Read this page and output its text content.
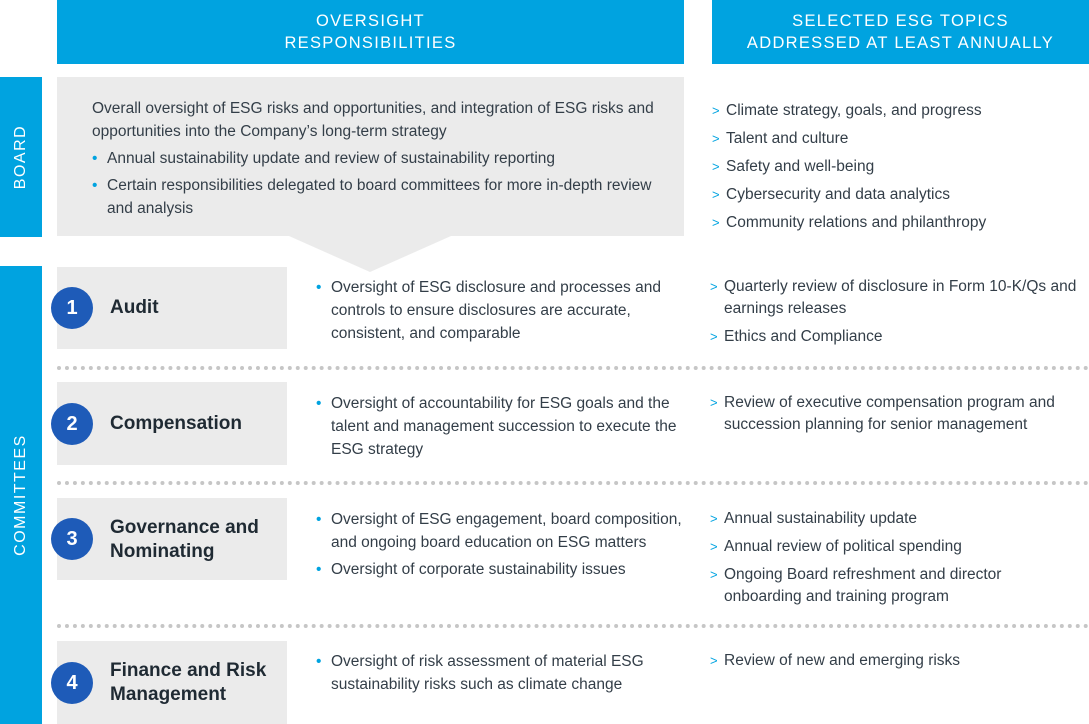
OVERSIGHT
RESPONSIBILITIES
SELECTED ESG TOPICS
ADDRESSED AT LEAST ANNUALLY
BOARD
COMMITTEES
Overall oversight of ESG risks and opportunities, and integration of ESG risks and opportunities into the Company’s long-term strategy
• Annual sustainability update and review of sustainability reporting
• Certain responsibilities delegated to board committees for more in-depth review and analysis
> Climate strategy, goals, and progress
> Talent and culture
> Safety and well-being
> Cybersecurity and data analytics
> Community relations and philanthropy
1	Audit
• Oversight of ESG disclosure and processes and controls to ensure disclosures are accurate, consistent, and comparable
> Quarterly review of disclosure in Form 10-K/Qs and earnings releases
> Ethics and Compliance
2	Compensation
• Oversight of accountability for ESG goals and the talent and management succession to execute the ESG strategy
> Review of executive compensation program and succession planning for senior management
3	Governance and Nominating
• Oversight of ESG engagement, board composition, and ongoing board education on ESG matters
• Oversight of corporate sustainability issues
> Annual sustainability update
> Annual review of political spending
> Ongoing Board refreshment and director onboarding and training program
4
Finance and Risk Management
• Oversight of risk assessment of material ESG sustainability risks such as climate change
> Review of new and emerging risks
